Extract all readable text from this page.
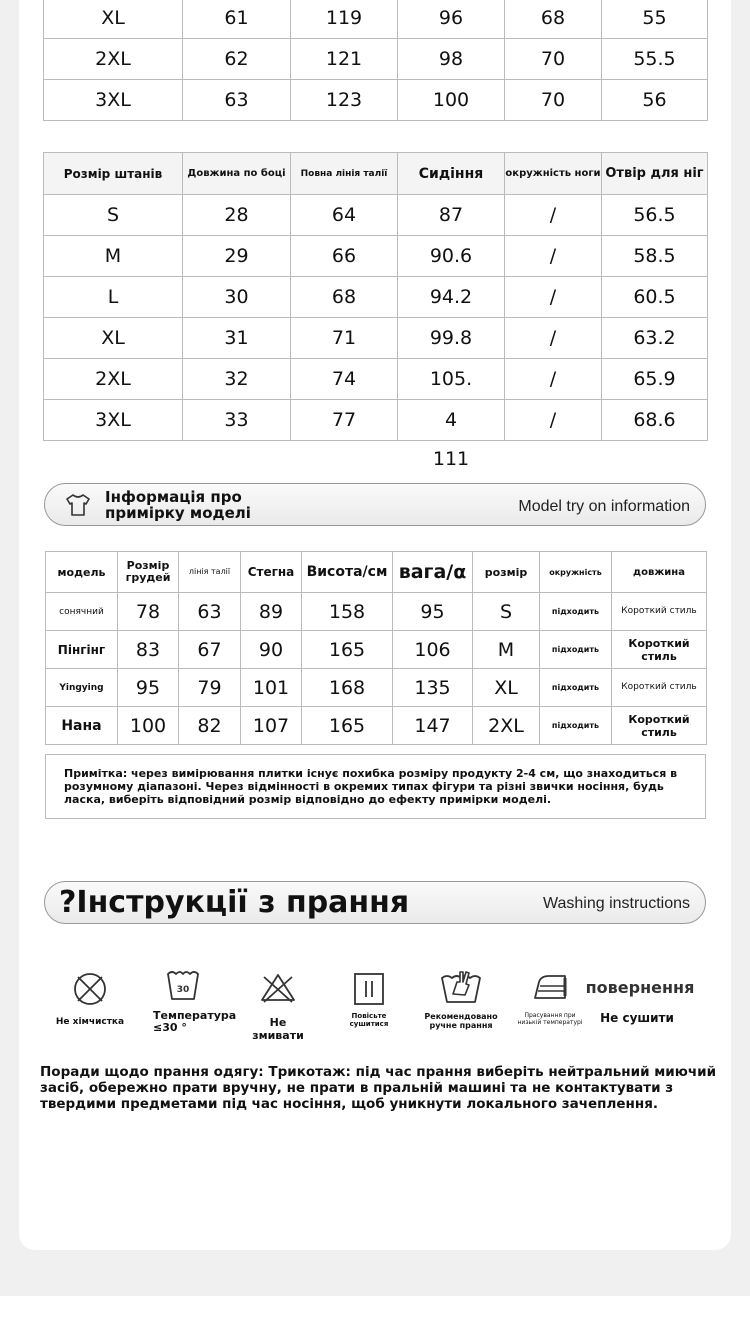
XL	61	119	96	68	55
2XL	62	121	98	70	55.5
3XL	63	123	100	70	56
Розмір штанів	Довжина по боці	Повна лінія талії	Сидіння	окружність ноги	Отвір для ніг
S	28	64	87	/	56.5
M	29	66	90.6	/	58.5
L	30	68	94.2	/	60.5
XL	31	71	99.8	/	63.2
2XL	32	74	105.	/	65.9
3XL	33	77	4	/	68.6
111
Інформація про примірку моделі	Model try on information
модель	Розмір грудей	лінія талії	Стегна	Висота/см	вага/α	розмір	окружність	довжина
сонячний	78	63	89	158	95	S	підходить	Короткий стиль
Пінгінг	83	67	90	165	106	M	підходить	Короткий стиль
Yingying	95	79	101	168	135	XL	підходить	Короткий стиль
Нана	100	82	107	165	147	2XL	підходить	Короткий стиль
Примітка: через вимірювання плитки існує похибка розміру продукту 2-4 см, що знаходиться в розумному діапазоні. Через відмінності в окремих типах фігури та різні звички носіння, будь ласка, виберіть відповідний розмір відповідно до ефекту примірки моделі.
?Інструкції з прання	Washing instructions
Не хімчистка
30
Температура ≤30 °	Не змивати
Повісьте сушитися
Рекомендовано ручне прання
Прасування при низькій температурі
повернення
Не сушити
Поради щодо прання одягу: Трикотаж: під час прання виберіть нейтральний миючий засіб, обережно прати вручну, не прати в пральній машині та не контактувати з твердими предметами під час носіння, щоб уникнути локального зачеплення.
